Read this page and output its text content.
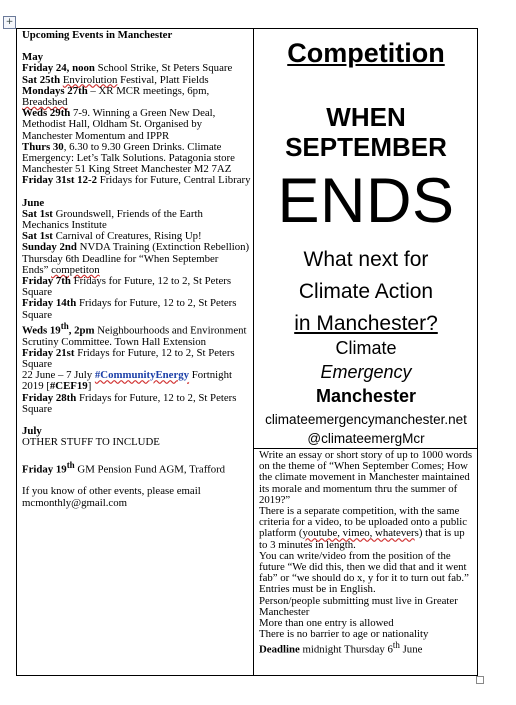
+

Upcoming Events in Manchester

May

Friday 24, noon School Strike, St Peters Square

Sat 25th Envirolution Festival, Platt Fields

Mondays 27th – XR MCR meetings, 6pm, Breadshed

Weds 29th 7-9. Winning a Green New Deal, Methodist Hall, Oldham St. Organised by Manchester Momentum and IPPR

Thurs 30, 6.30 to 9.30 Green Drinks. Climate Emergency: Let’s Talk Solutions. Patagonia store Manchester 51 King Street Manchester M2 7AZ

Friday 31st 12-2 Fridays for Future, Central Library

June

Sat 1st Groundswell, Friends of the Earth Mechanics Institute

Sat 1st Carnival of Creatures, Rising Up!

Sunday 2nd NVDA Training (Extinction Rebellion)

Thursday 6th Deadline for “When September
Ends” competiton

Friday 7th Fridays for Future, 12 to 2, St Peters Square

Friday 14th Fridays for Future, 12 to 2, St Peters Square

Weds 19th, 2pm Neighbourhoods and Environment Scrutiny Committee. Town Hall Extension

Friday 21st Fridays for Future, 12 to 2, St Peters Square

22 June – 7 July #CommunityEnergy Fortnight 2019 [#CEF19]

Friday 28th Fridays for Future, 12 to 2, St Peters Square

July

OTHER STUFF TO INCLUDE

Friday 19th GM Pension Fund AGM, Trafford

If you know of other events, please email mcmonthly@gmail.com

Competition
WHEN
SEPTEMBER
ENDS
What next for
Climate Action
in Manchester?
Climate
Emergency
Manchester
climateemergencymanchester.net
@climateemergMcr

Write an essay or short story of up to 1000 words on the theme of “When September Comes; How the climate movement in Manchester maintained its morale and momentum thru the summer of 2019?”

There is a separate competition, with the same criteria for a video, to be uploaded onto a public platform (youtube, vimeo, whatevers) that is up to 3 minutes in length.

You can write/video from the position of the future “We did this, then we did that and it went fab” or “we should do x, y for it to turn out fab.” Entries must be in English.

Person/people submitting must live in Greater Manchester

More than one entry is allowed

There is no barrier to age or nationality

Deadline midnight Thursday 6th June
